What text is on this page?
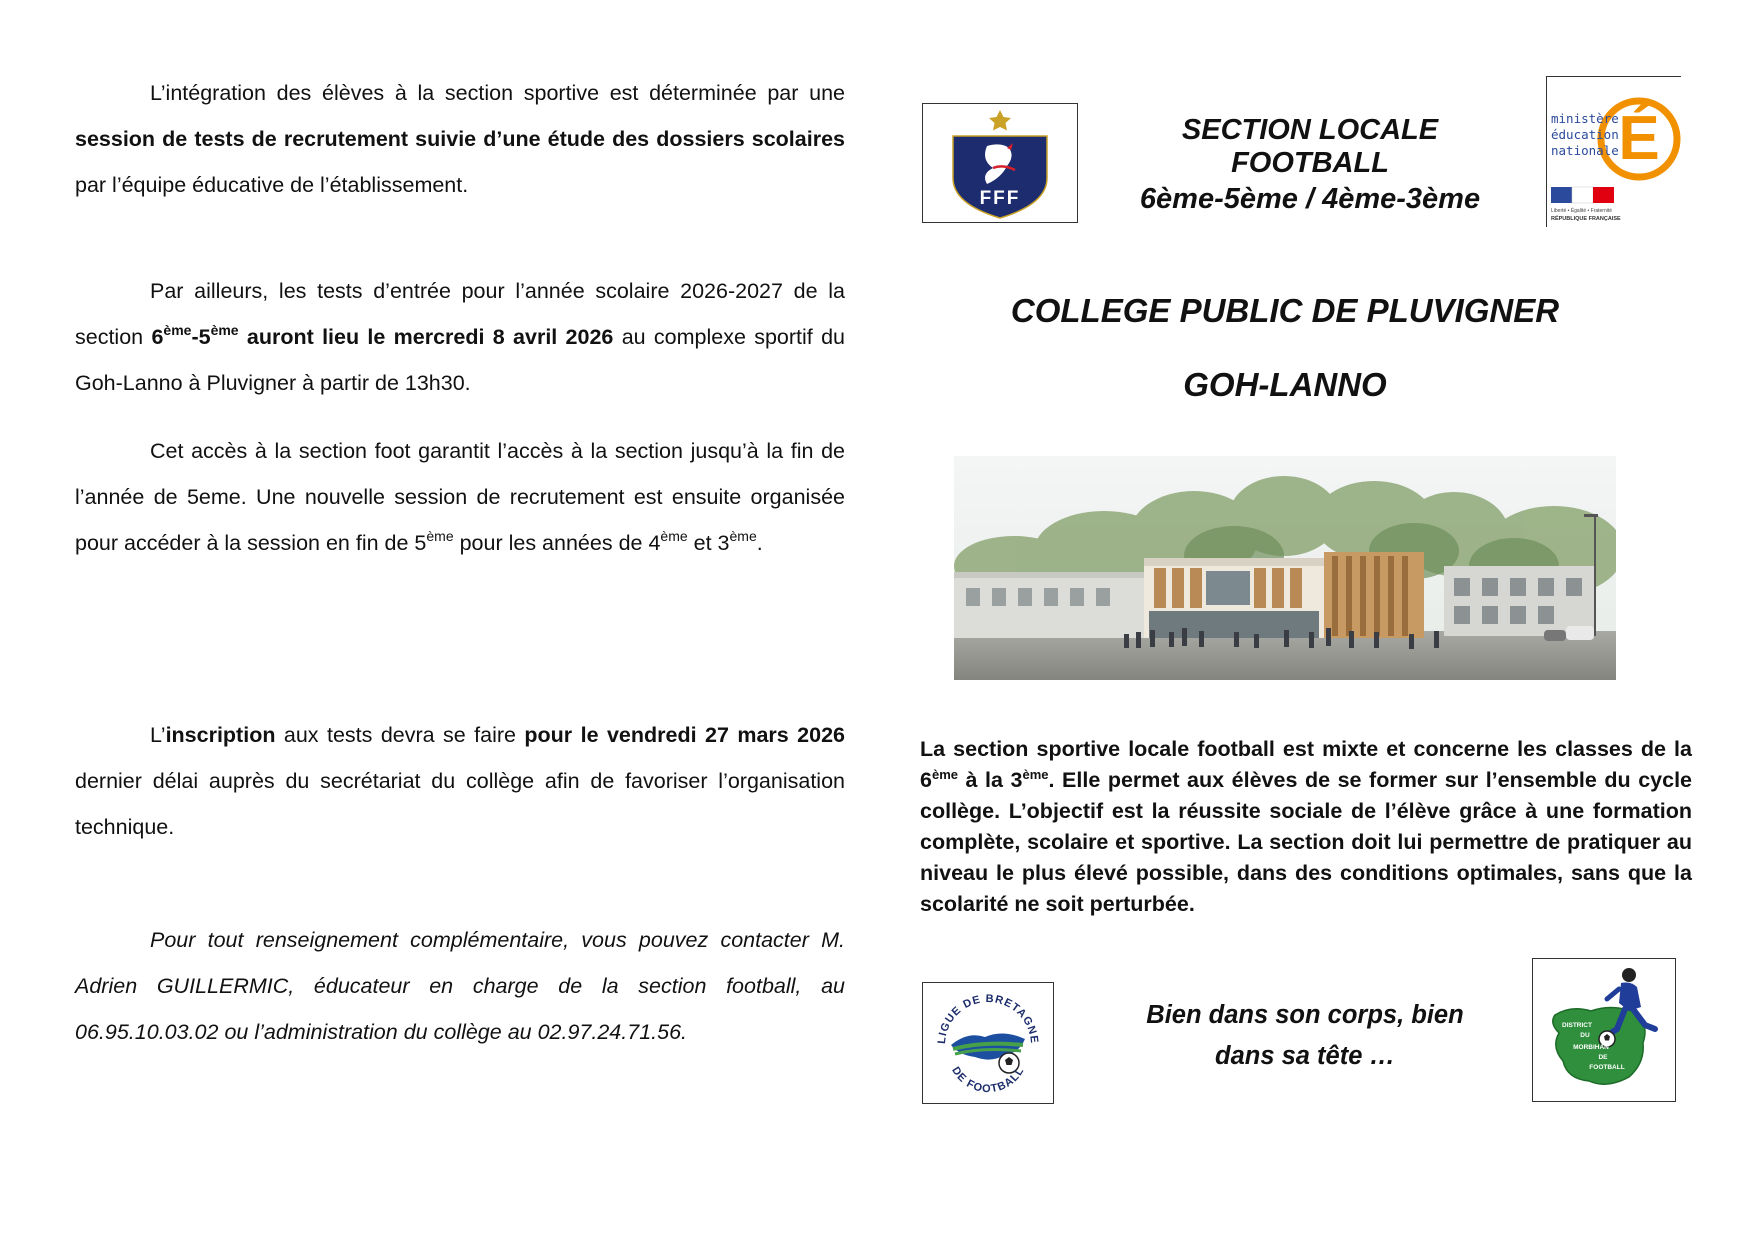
L’intégration des élèves à la section sportive est déterminée par une session de tests de recrutement suivie d’une étude des dossiers scolaires par l’équipe éducative de l’établissement.

Par ailleurs, les tests d’entrée pour l’année scolaire 2026-2027 de la section 6ème-5ème auront lieu le mercredi 8 avril 2026 au complexe sportif du Goh-Lanno à Pluvigner à partir de 13h30.

Cet accès à la section foot garantit l’accès à la section jusqu’à la fin de l’année de 5eme. Une nouvelle session de recrutement est ensuite organisée pour accéder à la session en fin de 5ème pour les années de 4ème et 3ème.

L’inscription aux tests devra se faire pour le vendredi 27 mars 2026 dernier délai auprès du secrétariat du collège afin de favoriser l’organisation technique.

Pour tout renseignement complémentaire, vous pouvez contacter M. Adrien GUILLERMIC, éducateur en charge de la section football, au 06.95.10.03.02 ou l’administration du collège au 02.97.24.71.56.

FFF
SECTION LOCALE FOOTBALL
6ème-5ème / 4ème-3ème
É
ministère
éducation
nationale
Liberté • Égalité • Fraternité
RÉPUBLIQUE FRANÇAISE
COLLEGE PUBLIC DE PLUVIGNER
GOH-LANNO

La section sportive locale football est mixte et concerne les classes de la 6ème à la 3ème. Elle permet aux élèves de se former sur l’ensemble du cycle collège. L’objectif est la réussite sociale de l’élève grâce à une formation complète, scolaire et sportive. La section doit lui permettre de pratiquer au niveau le plus élevé possible, dans des conditions optimales, sans que la scolarité ne soit perturbée.

LIGUE DE BRETAGNE
DE FOOTBALL

Bien dans son corps, bien
dans sa tête …

DISTRICT
DU
MORBIHAN
DE
FOOTBALL
